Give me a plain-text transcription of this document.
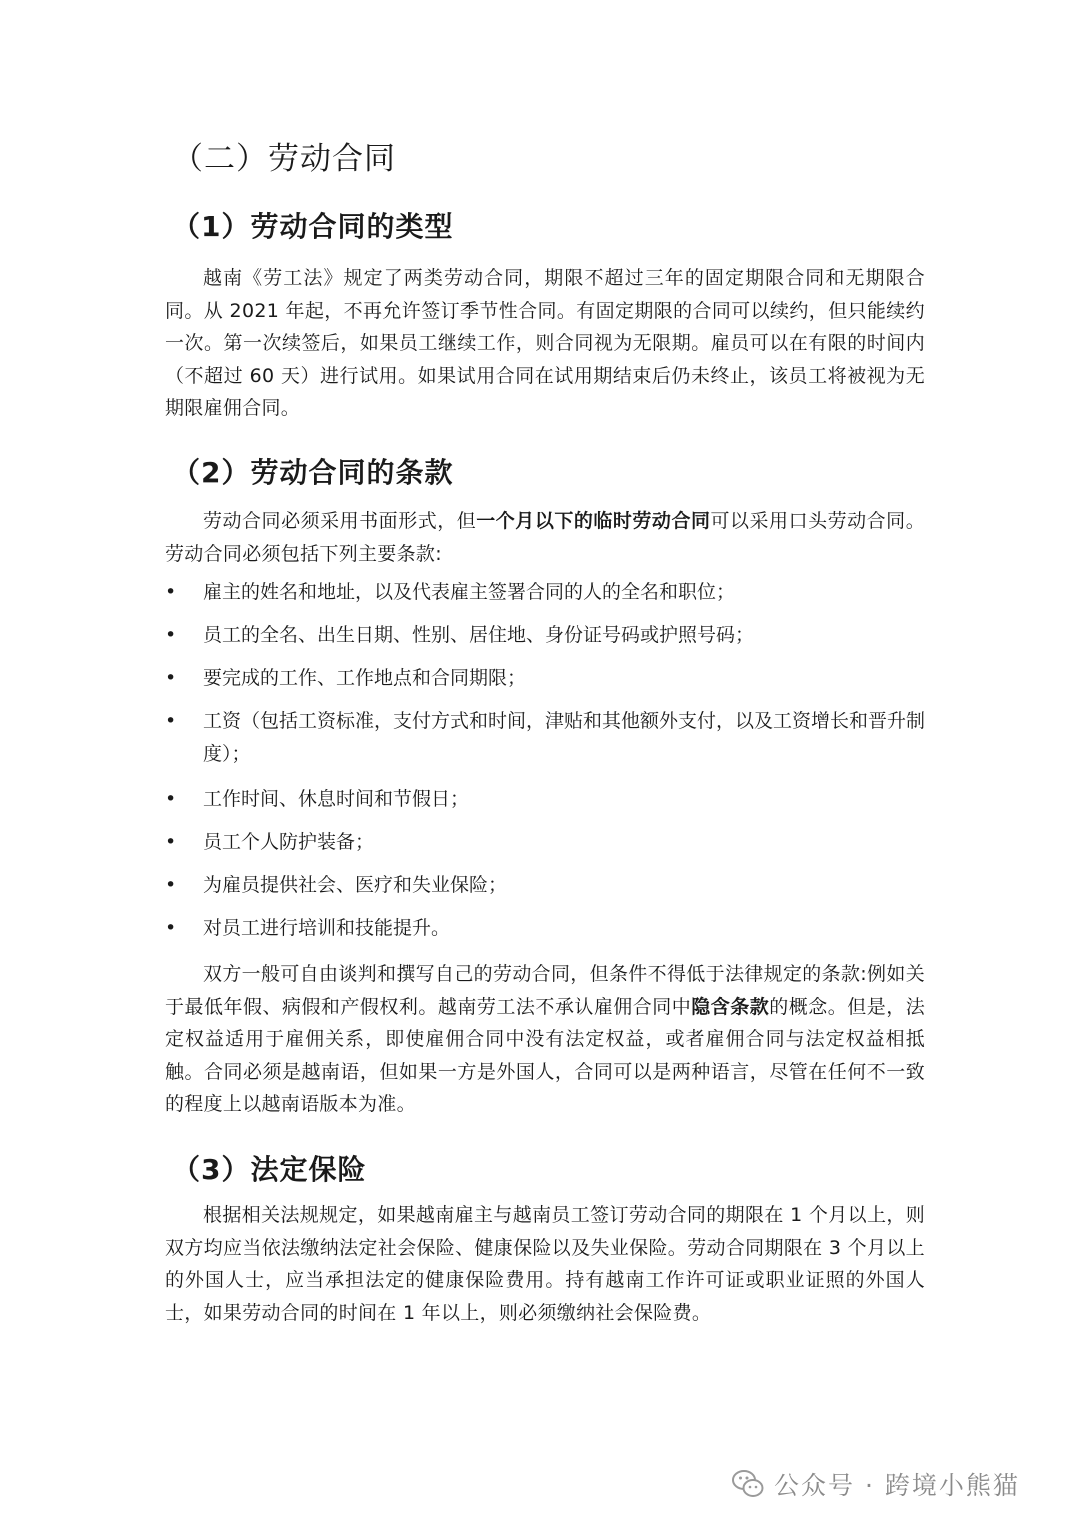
（二）劳动合同
（1）劳动合同的类型

越南《劳工法》规定了两类劳动合同，期限不超过三年的固定期限合同和无期限合同。从 2021 年起，不再允许签订季节性合同。有固定期限的合同可以续约，但只能续约一次。第一次续签后，如果员工继续工作，则合同视为无限期。雇员可以在有限的时间内（不超过 60 天）进行试用。如果试用合同在试用期结束后仍未终止，该员工将被视为无期限雇佣合同。

（2）劳动合同的条款

劳动合同必须采用书面形式，但一个月以下的临时劳动合同可以采用口头劳动合同。劳动合同必须包括下列主要条款:

•	雇主的姓名和地址，以及代表雇主签署合同的人的全名和职位；
•	员工的全名、出生日期、性别、居住地、身份证号码或护照号码；
•	要完成的工作、工作地点和合同期限；
•	工资（包括工资标准，支付方式和时间，津贴和其他额外支付，以及工资增长和晋升制度）；
•	工作时间、休息时间和节假日；
•	员工个人防护装备；
•	为雇员提供社会、医疗和失业保险；
•	对员工进行培训和技能提升。

双方一般可自由谈判和撰写自己的劳动合同，但条件不得低于法律规定的条款:例如关于最低年假、病假和产假权利。越南劳工法不承认雇佣合同中隐含条款的概念。但是，法定权益适用于雇佣关系，即使雇佣合同中没有法定权益，或者雇佣合同与法定权益相抵触。合同必须是越南语，但如果一方是外国人，合同可以是两种语言，尽管在任何不一致的程度上以越南语版本为准。

（3）法定保险

根据相关法规规定，如果越南雇主与越南员工签订劳动合同的期限在 1 个月以上，则双方均应当依法缴纳法定社会保险、健康保险以及失业保险。劳动合同期限在 3 个月以上的外国人士，应当承担法定的健康保险费用。持有越南工作许可证或职业证照的外国人士，如果劳动合同的时间在 1 年以上，则必须缴纳社会保险费。

公众号 · 跨境小熊猫
